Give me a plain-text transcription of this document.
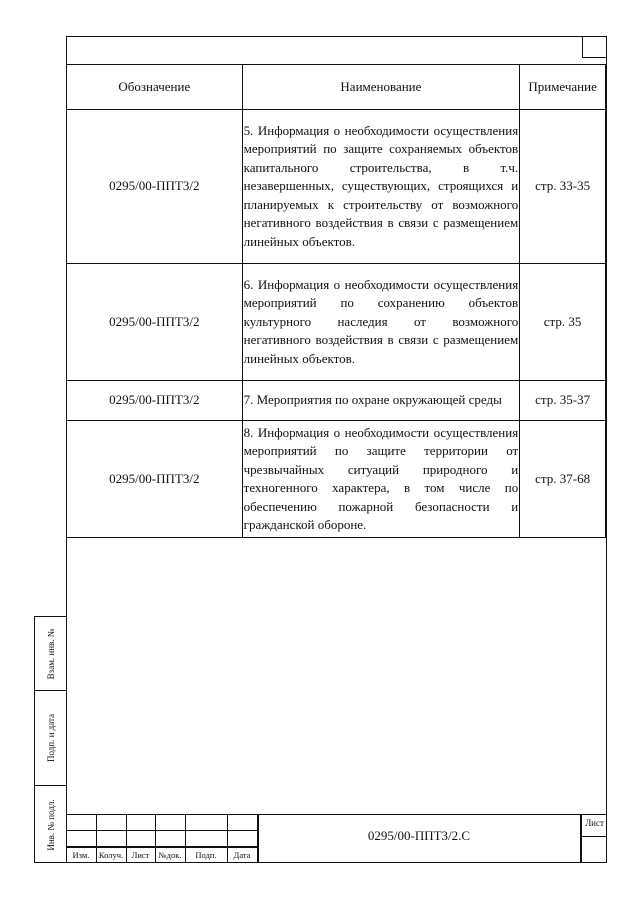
Взам. инв. №
Подп. и дата
Инв. № подл.
Обозначение	Наименование	Примечание
0295/00-ППТ3/2	5. Информация о необходимости осуществления мероприятий по защите сохраняемых объектов капитального строительства, в т.ч. незавершенных, существующих, строящихся и планируемых к строительству от возможного негативного воздействия в связи с размещением линейных объектов.	стр. 33-35
0295/00-ППТ3/2	6. Информация о необходимости осуществления мероприятий по сохранению объектов культурного наследия от возможного негативного воздействия в связи с размещением линейных объектов.	стр. 35
0295/00-ППТ3/2	7. Мероприятия по охране окружающей среды	стр. 35-37
0295/00-ППТ3/2	8. Информация о необходимости осуществления мероприятий по защите территории от чрезвычайных ситуаций природного и техногенного характера, в том числе по обеспечению пожарной безопасности и гражданской обороне.	стр. 37-68
Изм.	Колуч. Лист	№док.	Подп.	Дата
0295/00-ППТ3/2.С
Лист
